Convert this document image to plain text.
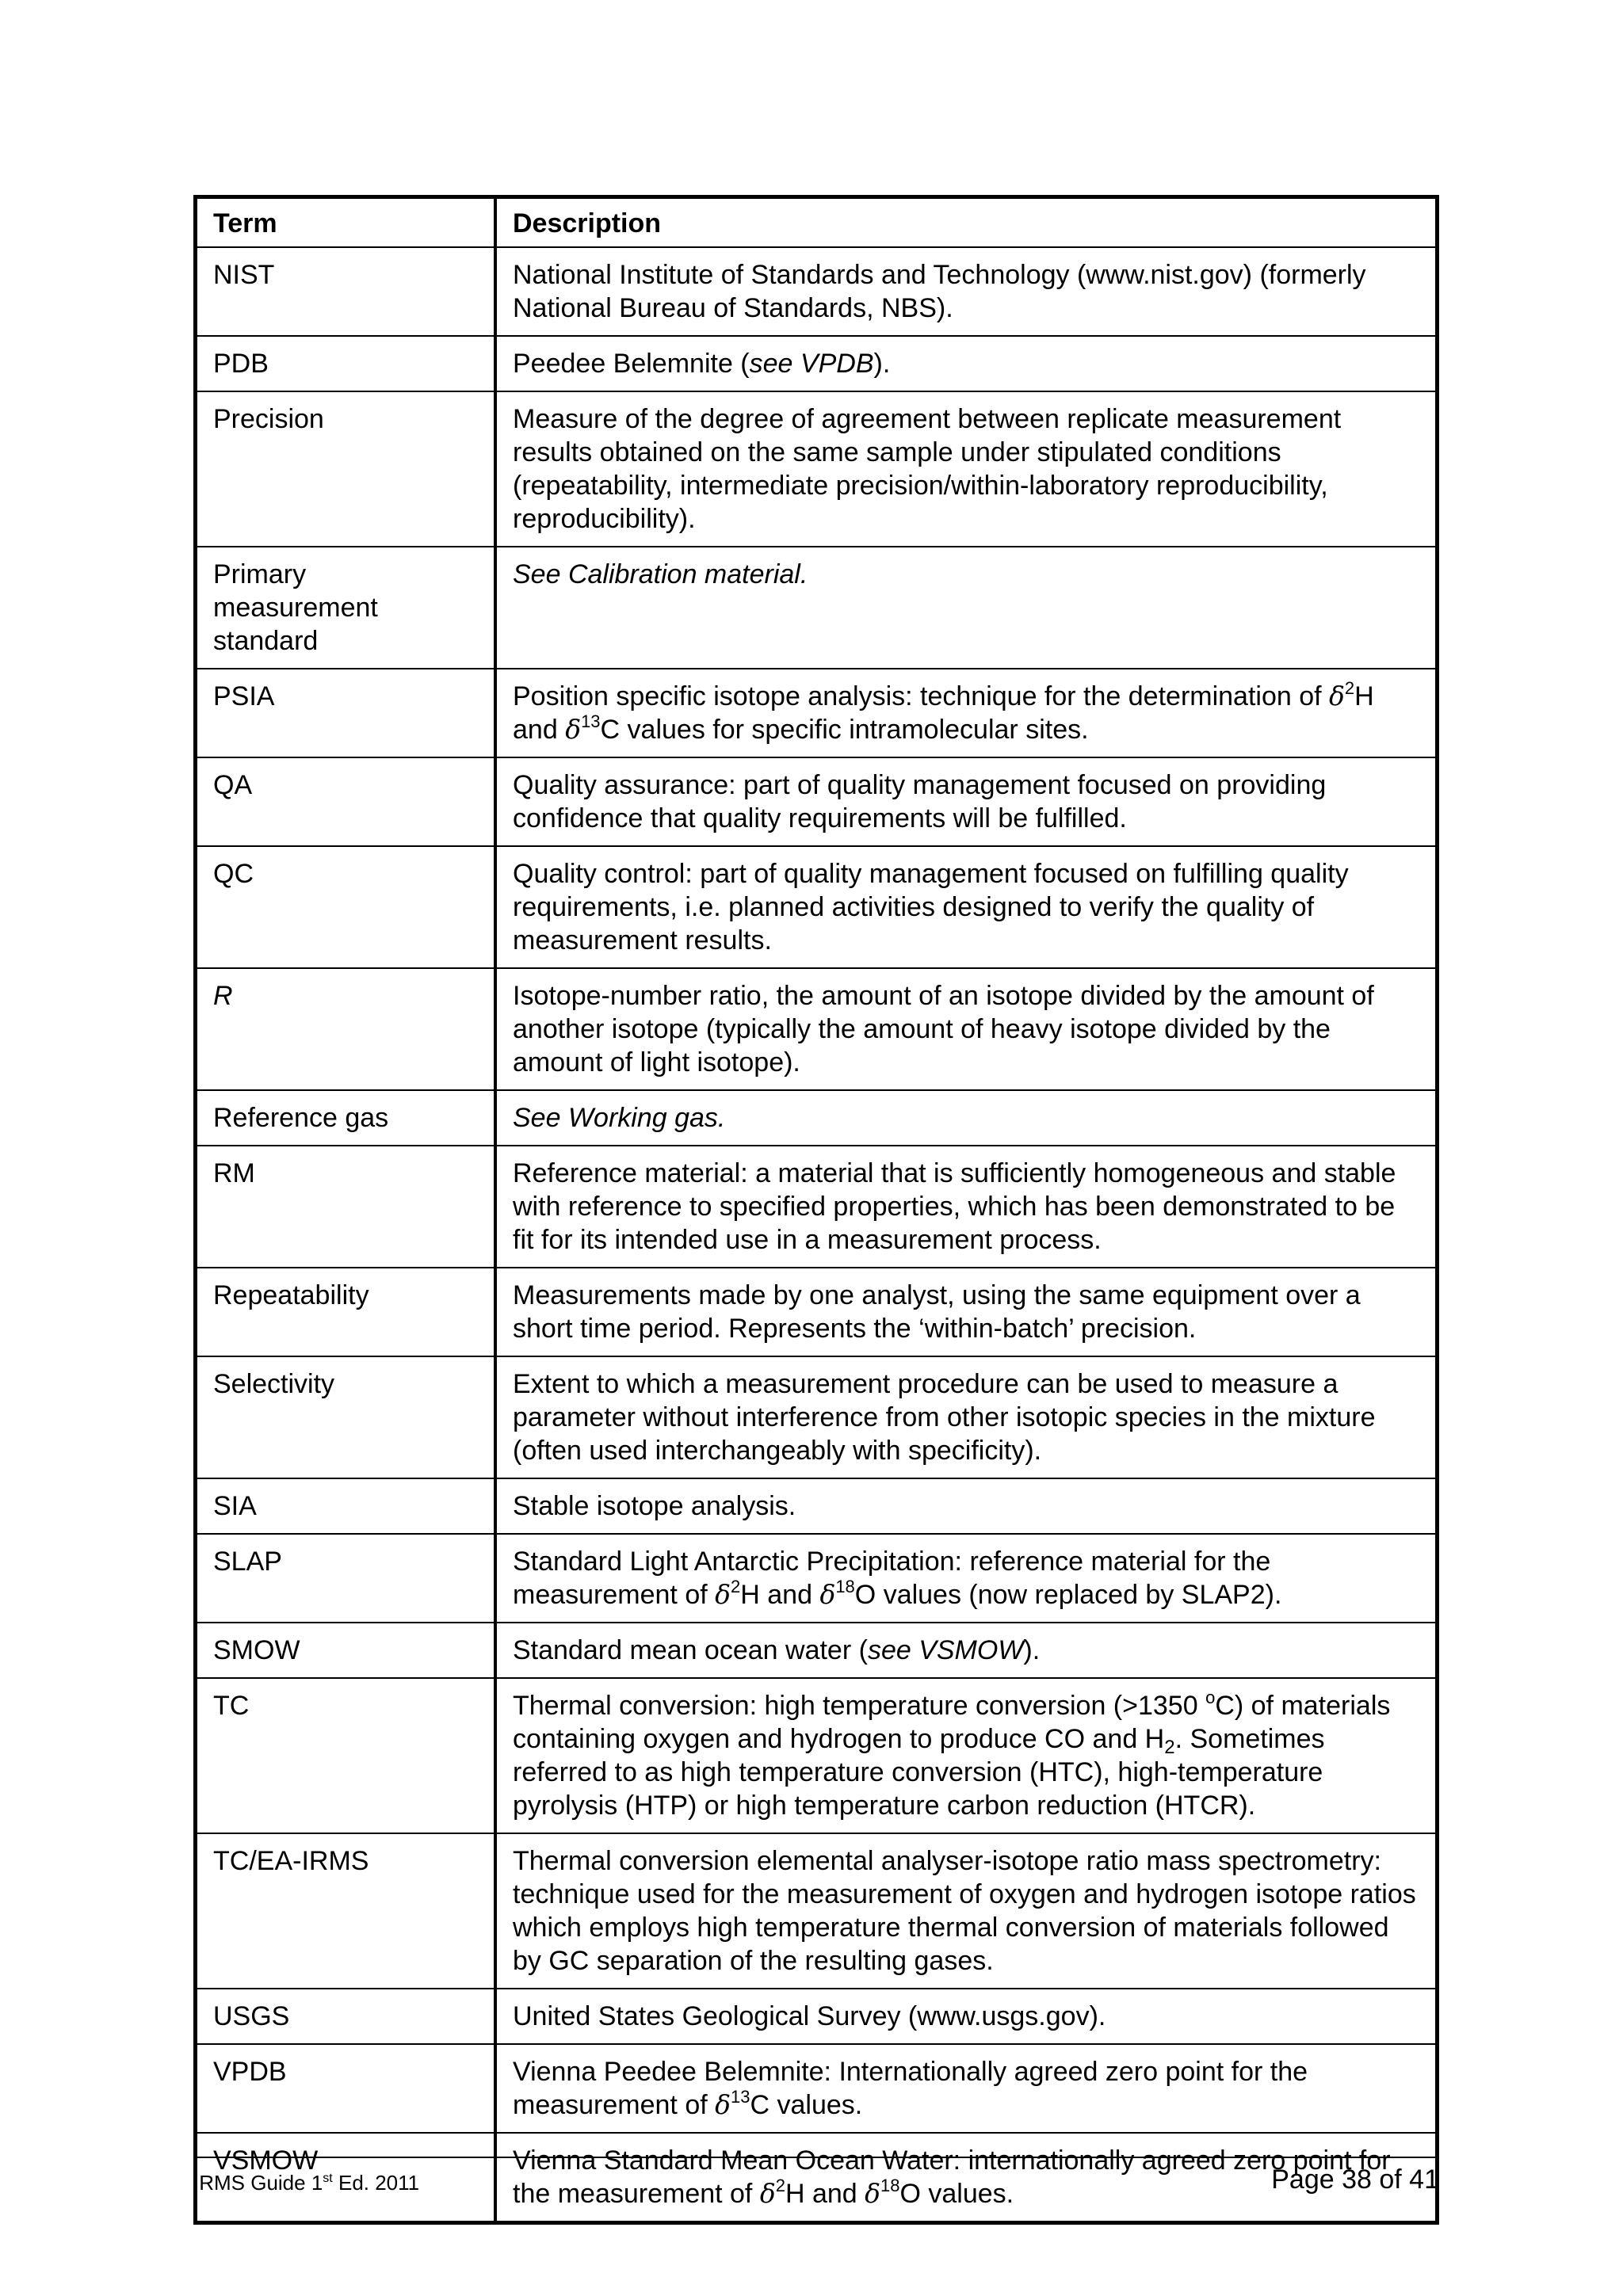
Term	Description
NIST	National Institute of Standards and Technology (www.nist.gov) (formerly National Bureau of Standards, NBS).
PDB	Peedee Belemnite (see VPDB).
Precision	Measure of the degree of agreement between replicate measurement results obtained on the same sample under stipulated conditions (repeatability, intermediate precision/within-laboratory reproducibility, reproducibility).
Primary
measurement
standard	See Calibration material.
PSIA	Position specific isotope analysis: technique for the determination of $\delta^2H$ and $\delta^{13}C$ values for specific intramolecular sites.
QA	Quality assurance: part of quality management focused on providing confidence that quality requirements will be fulfilled.
QC	Quality control: part of quality management focused on fulfilling quality requirements, i.e. planned activities designed to verify the quality of measurement results.
R	Isotope-number ratio, the amount of an isotope divided by the amount of another isotope (typically the amount of heavy isotope divided by the amount of light isotope).
Reference gas	See Working gas.
RM	Reference material: a material that is sufficiently homogeneous and stable with reference to specified properties, which has been demonstrated to be fit for its intended use in a measurement process.
Repeatability	Measurements made by one analyst, using the same equipment over a short time period. Represents the ‘within-batch’ precision.
Selectivity	Extent to which a measurement procedure can be used to measure a parameter without interference from other isotopic species in the mixture (often used interchangeably with specificity).
SIA	Stable isotope analysis.
SLAP	Standard Light Antarctic Precipitation: reference material for the measurement of $\delta^2H$ and $\delta^{18}O$ values (now replaced by SLAP2).
SMOW	Standard mean ocean water (see VSMOW).
TC	Thermal conversion: high temperature conversion (>1350 $^o$C) of materials containing oxygen and hydrogen to produce CO and $H_2$. Sometimes referred to as high temperature conversion (HTC), high-temperature pyrolysis (HTP) or high temperature carbon reduction (HTCR).
TC/EA-IRMS	Thermal conversion elemental analyser-isotope ratio mass spectrometry: technique used for the measurement of oxygen and hydrogen isotope ratios which employs high temperature thermal conversion of materials followed by GC separation of the resulting gases.
USGS	United States Geological Survey (www.usgs.gov).
VPDB	Vienna Peedee Belemnite: Internationally agreed zero point for the measurement of $\delta^{13}C$ values.
VSMOW	Vienna Standard Mean Ocean Water: internationally agreed zero point for the measurement of $\delta^2H$ and $\delta^{18}O$ values.
IRMS Guide 1st Ed. 2011	Page 38 of 41
